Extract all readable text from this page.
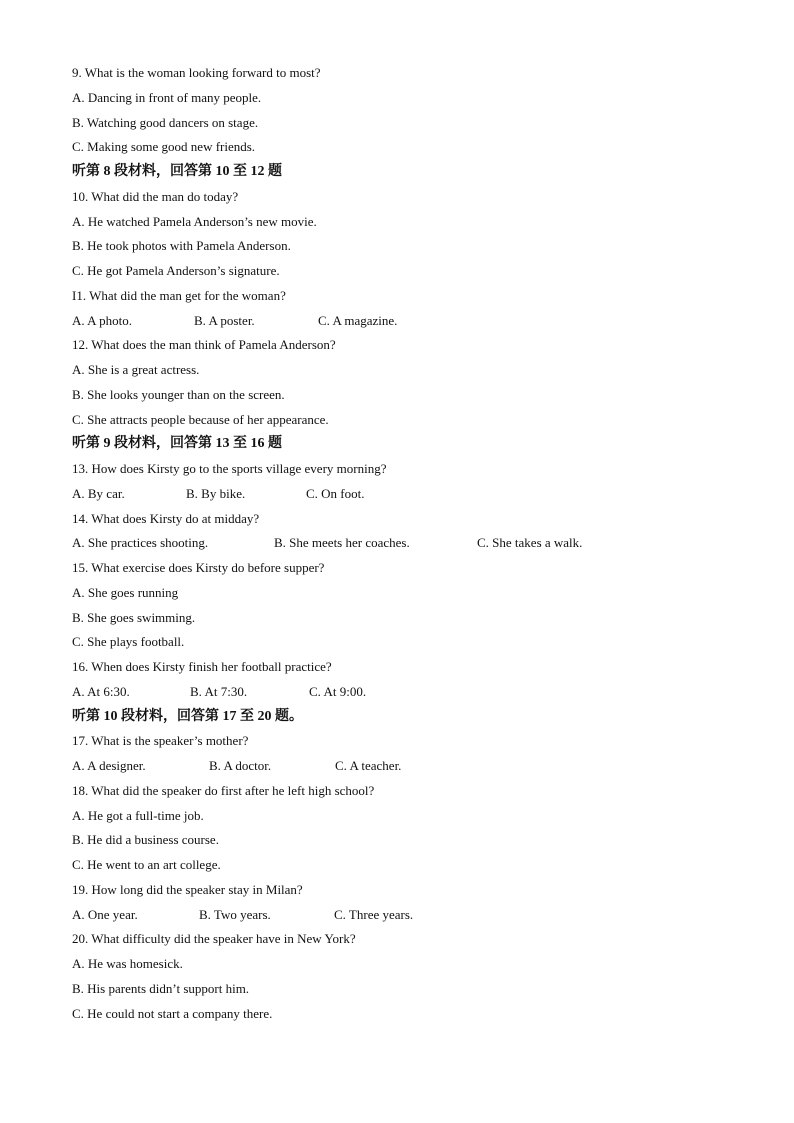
9. What is the woman looking forward to most?
A. Dancing in front of many people.
B. Watching good dancers on stage.
C. Making some good new friends.
听第 8 段材料，回答第 10 至 12 题
10. What did the man do today?
A. He watched Pamela Anderson’s new movie.
B. He took photos with Pamela Anderson.
C. He got Pamela Anderson’s signature.
I1. What did the man get for the woman?
A. A photo.	B. A poster.	C. A magazine.
12. What does the man think of Pamela Anderson?
A. She is a great actress.
B. She looks younger than on the screen.
C. She attracts people because of her appearance.
听第 9 段材料，回答第 13 至 16 题
13. How does Kirsty go to the sports village every morning?
A. By car.	B. By bike.	C. On foot.
14. What does Kirsty do at midday?
A. She practices shooting.	B. She meets her coaches.	C. She takes a walk.
15. What exercise does Kirsty do before supper?
A. She goes running
B. She goes swimming.
C. She plays football.
16. When does Kirsty finish her football practice?
A. At 6:30.	B. At 7:30.	C. At 9:00.
听第 10 段材料，回答第 17 至 20 题。
17. What is the speaker’s mother?
A. A designer.	B. A doctor.	C. A teacher.
18. What did the speaker do first after he left high school?
A. He got a full-time job.
B. He did a business course.
C. He went to an art college.
19. How long did the speaker stay in Milan?
A. One year.	B. Two years.	C. Three years.
20. What difficulty did the speaker have in New York?
A. He was homesick.
B. His parents didn’t support him.
C. He could not start a company there.
